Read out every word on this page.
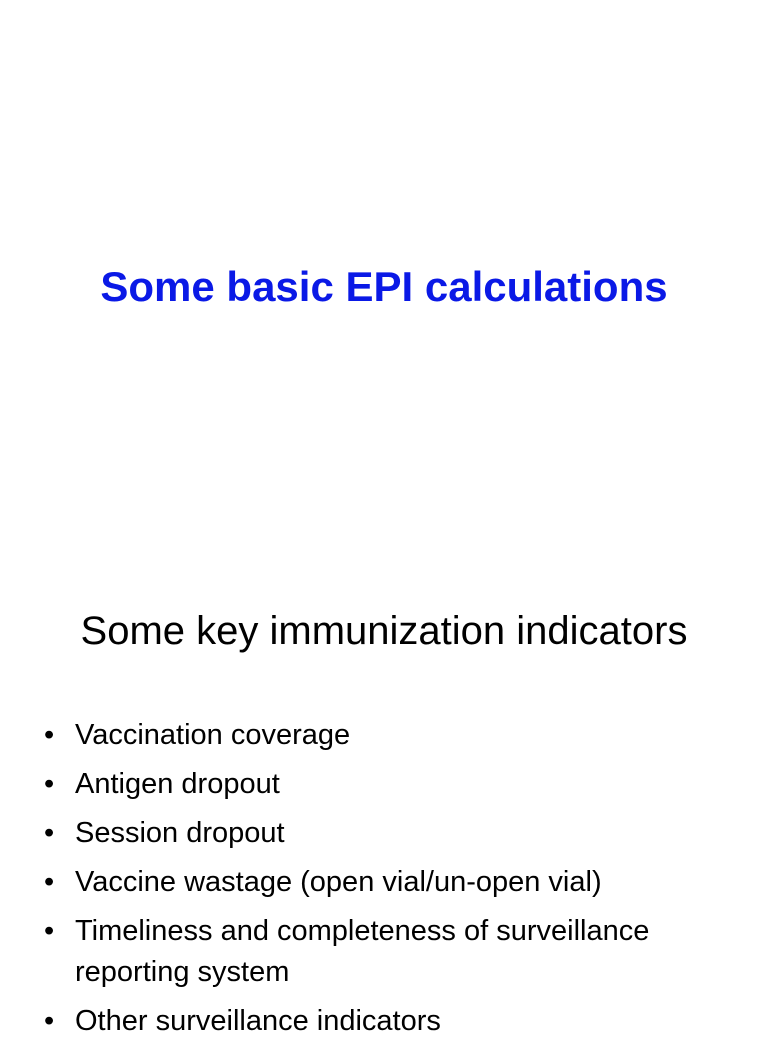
Some basic EPI calculations
Some key immunization indicators
• Vaccination coverage
• Antigen dropout
• Session dropout
• Vaccine wastage (open vial/un-open vial)
• Timeliness and completeness of surveillance reporting system
• Other surveillance indicators
